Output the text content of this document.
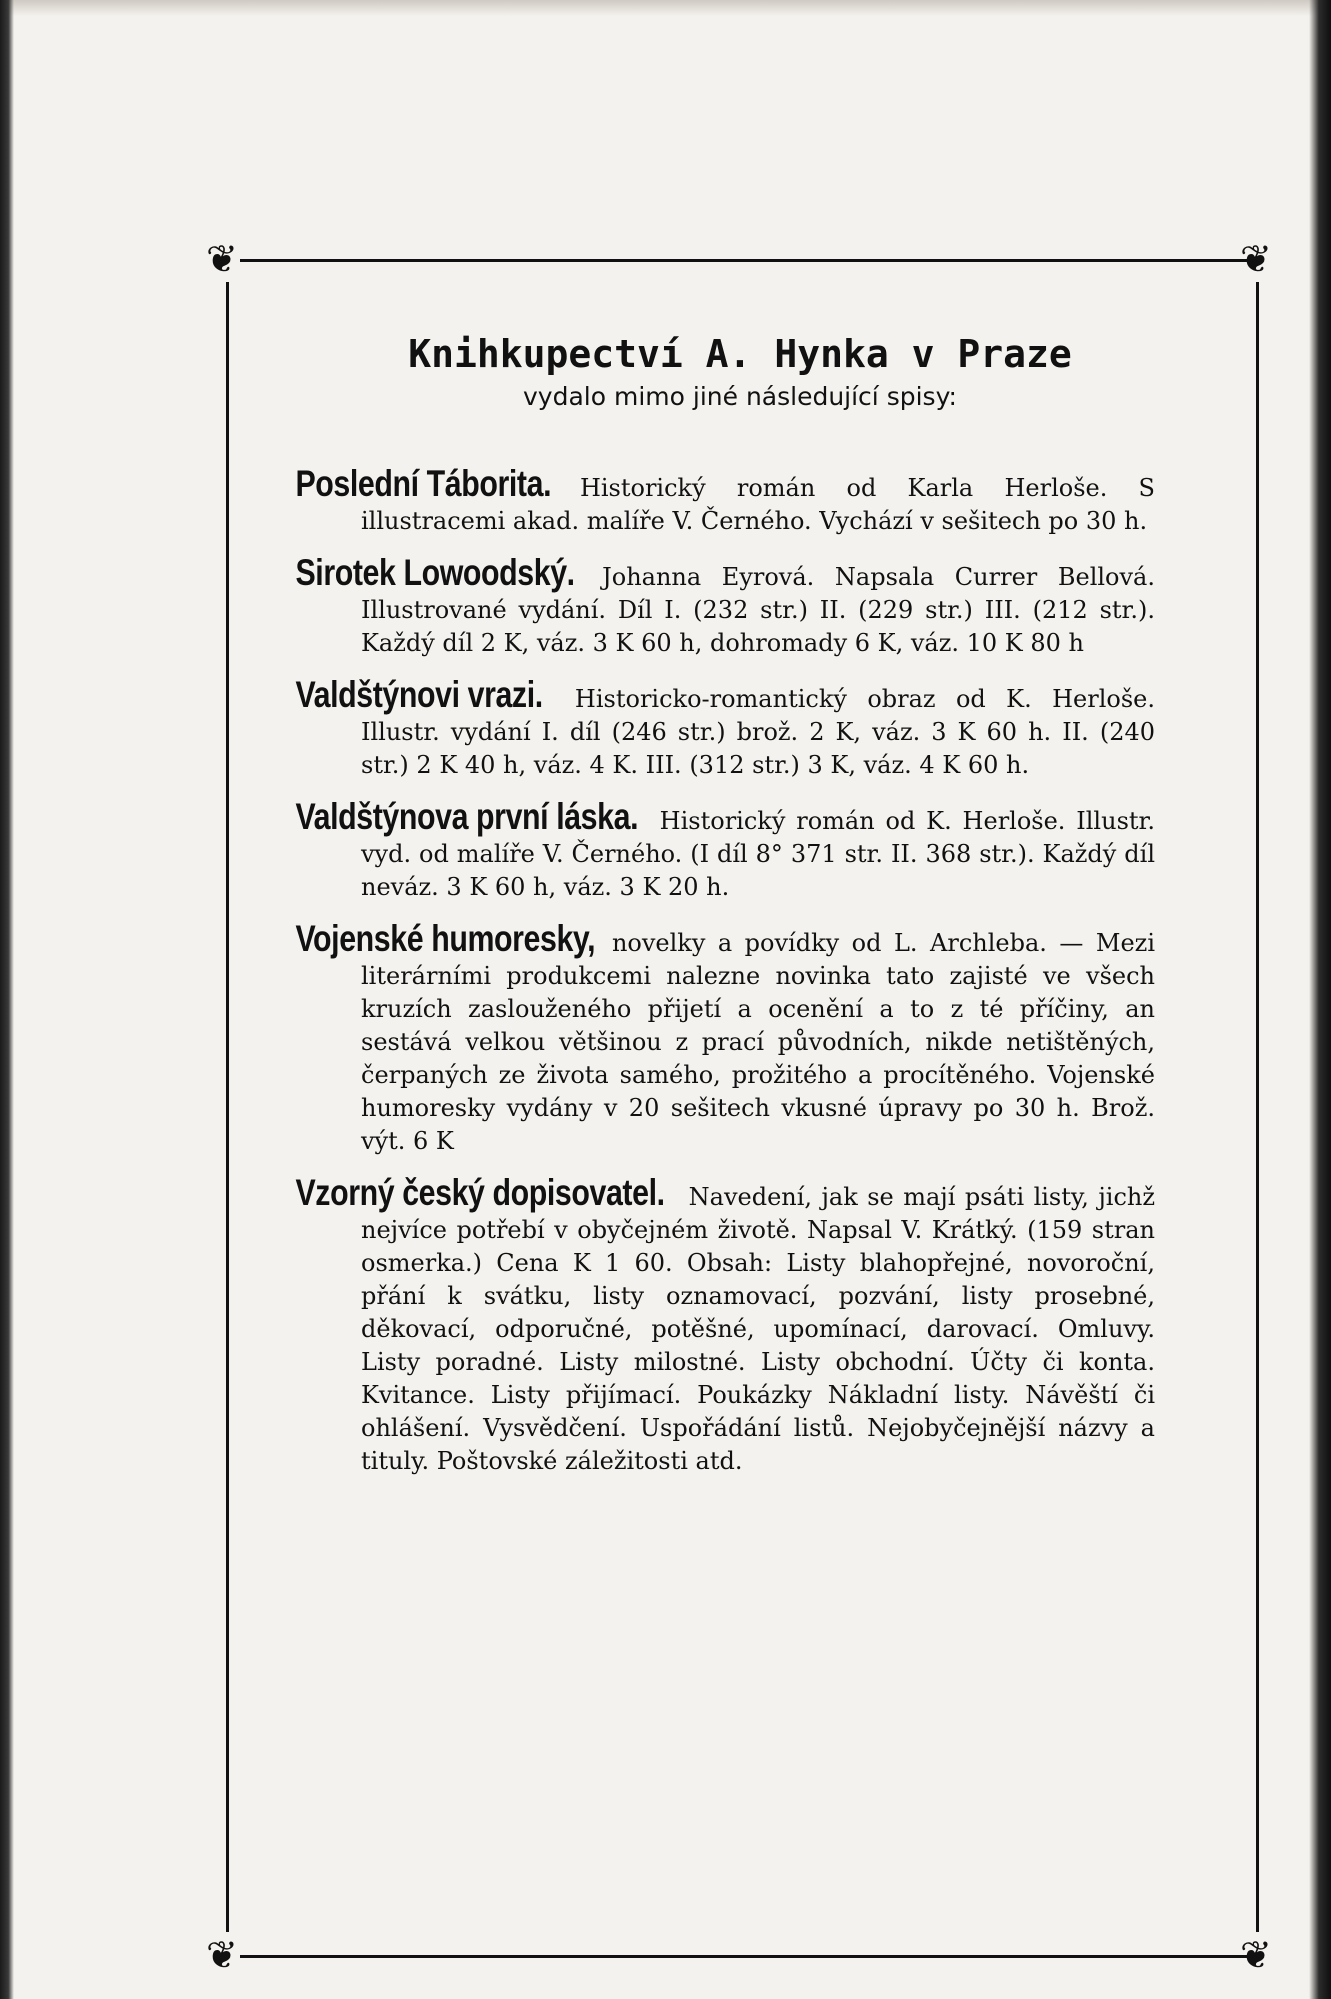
❦	❦
❦	❦
Knihkupectví A. Hynka v Praze
vydalo mimo jiné následující spisy:
Poslední Táborita. Historický román od Karla Herloše. S illustracemi akad. malíře V. Černého. Vychází v sešitech po 30 h.
Sirotek Lowoodský. Johanna Eyrová. Napsala Currer Bellová. Illustrované vydání. Díl I. (232 str.) II. (229 str.) III. (212 str.). Každý díl 2 K, váz. 3 K 60 h, dohromady 6 K, váz. 10 K 80 h
Valdštýnovi vrazi. Historicko-romantický obraz od K. Herloše. Illustr. vydání I. díl (246 str.) brož. 2 K, váz. 3 K 60 h. II. (240 str.) 2 K 40 h, váz. 4 K. III. (312 str.) 3 K, váz. 4 K 60 h.
Valdštýnova první láska. Historický román od K. Herloše. Illustr. vyd. od malíře V. Černého. (I díl 8° 371 str. II. 368 str.). Každý díl neváz. 3 K 60 h, váz. 3 K 20 h.
Vojenské humoresky, novelky a povídky od L. Archleba. — Mezi literárními produkcemi nalezne novinka tato zajisté ve všech kruzích zaslouženého přijetí a ocenění a to z té příčiny, an sestává velkou většinou z prací původních, nikde netištěných, čerpaných ze života samého, prožitého a procítěného. Vojenské humoresky vydány v 20 sešitech vkusné úpravy po 30 h. Brož. výt. 6 K
Vzorný český dopisovatel. Navedení, jak se mají psáti listy, jichž nejvíce potřebí v obyčejném životě. Napsal V. Krátký. (159 stran osmerka.) Cena K 1 60. Obsah: Listy blahopřejné, novoroční, přání k svátku, listy oznamovací, pozvání, listy prosebné, děkovací, odporučné, potěšné, upomínací, darovací. Omluvy. Listy poradné. Listy milostné. Listy obchodní. Účty či konta. Kvitance. Listy přijímací. Poukázky Nákladní listy. Návěští či ohlášení. Vysvědčení. Uspořádání listů. Nejobyčejnější názvy a tituly. Poštovské záležitosti atd.
